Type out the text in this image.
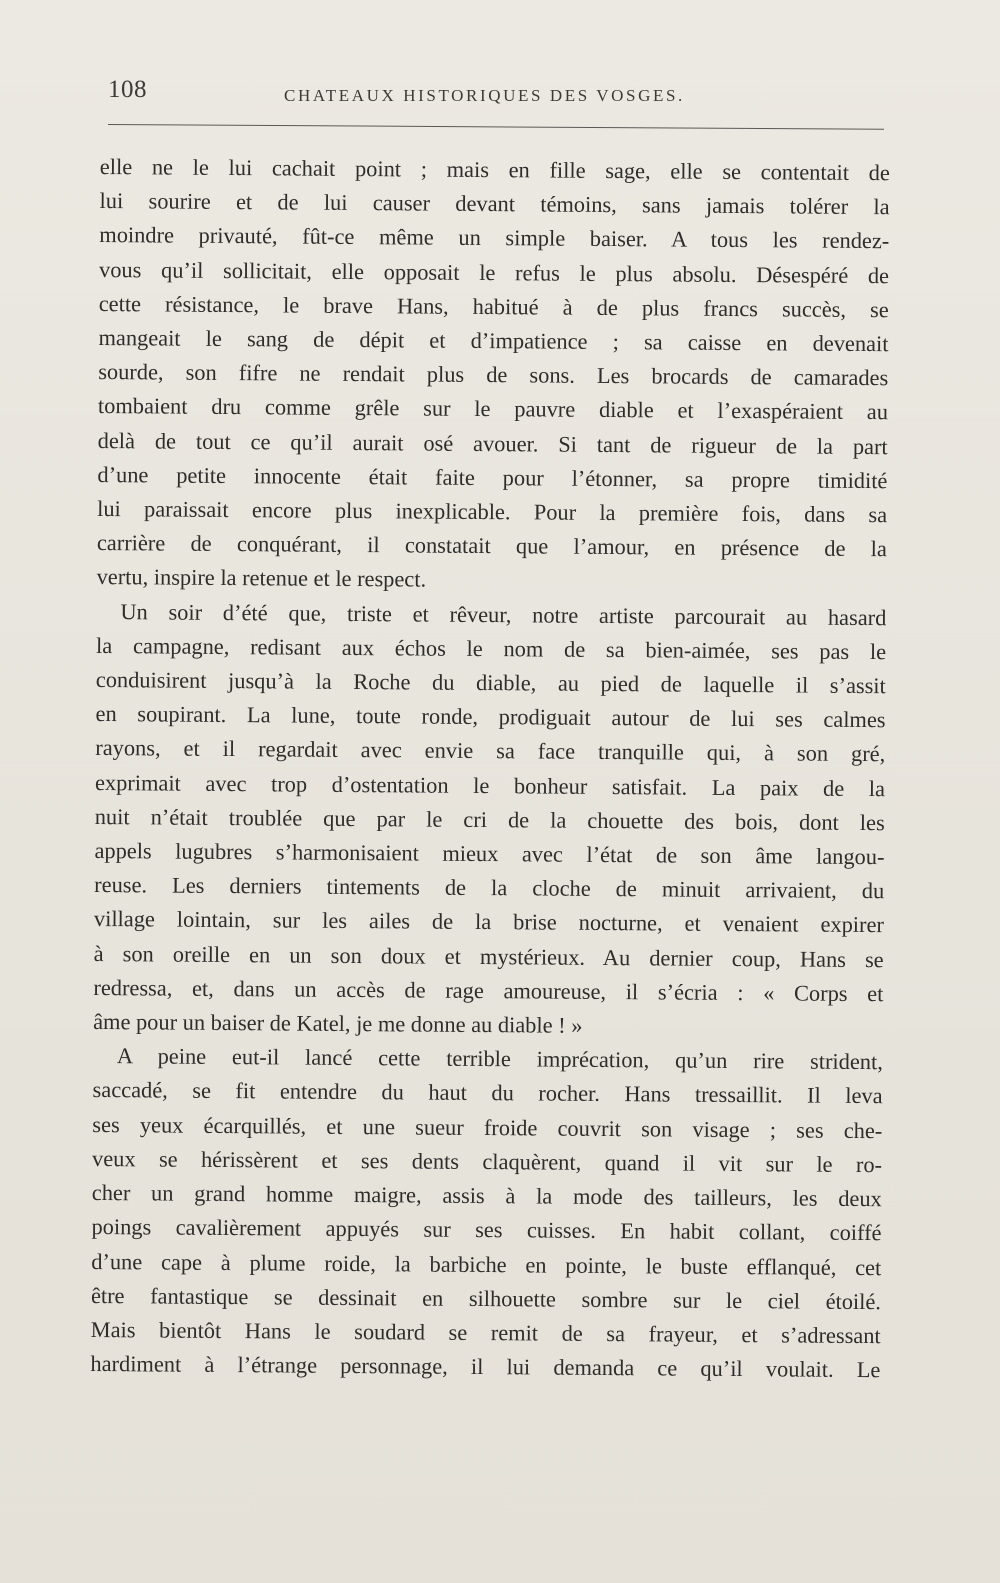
108	CHATEAUX HISTORIQUES DES VOSGES.
elle ne le lui cachait point ; mais en fille sage, elle se contentait de
lui sourire et de lui causer devant témoins, sans jamais tolérer la
moindre privauté, fût-ce même un simple baiser. A tous les rendez-
vous qu’il sollicitait, elle opposait le refus le plus absolu. Désespéré de
cette résistance, le brave Hans, habitué à de plus francs succès, se
mangeait le sang de dépit et d’impatience ; sa caisse en devenait
sourde, son fifre ne rendait plus de sons. Les brocards de camarades
tombaient dru comme grêle sur le pauvre diable et l’exaspéraient au
delà de tout ce qu’il aurait osé avouer. Si tant de rigueur de la part
d’une petite innocente était faite pour l’étonner, sa propre timidité
lui paraissait encore plus inexplicable. Pour la première fois, dans sa
carrière de conquérant, il constatait que l’amour, en présence de la
vertu, inspire la retenue et le respect.
Un soir d’été que, triste et rêveur, notre artiste parcourait au hasard
la campagne, redisant aux échos le nom de sa bien-aimée, ses pas le
conduisirent jusqu’à la Roche du diable, au pied de laquelle il s’assit
en soupirant. La lune, toute ronde, prodiguait autour de lui ses calmes
rayons, et il regardait avec envie sa face tranquille qui, à son gré,
exprimait avec trop d’ostentation le bonheur satisfait. La paix de la
nuit n’était troublée que par le cri de la chouette des bois, dont les
appels lugubres s’harmonisaient mieux avec l’état de son âme langou-
reuse. Les derniers tintements de la cloche de minuit arrivaient, du
village lointain, sur les ailes de la brise nocturne, et venaient expirer
à son oreille en un son doux et mystérieux. Au dernier coup, Hans se
redressa, et, dans un accès de rage amoureuse, il s’écria : « Corps et
âme pour un baiser de Katel, je me donne au diable ! »
A peine eut-il lancé cette terrible imprécation, qu’un rire strident,
saccadé, se fit entendre du haut du rocher. Hans tressaillit. Il leva
ses yeux écarquillés, et une sueur froide couvrit son visage ; ses che-
veux se hérissèrent et ses dents claquèrent, quand il vit sur le ro-
cher un grand homme maigre, assis à la mode des tailleurs, les deux
poings cavalièrement appuyés sur ses cuisses. En habit collant, coiffé
d’une cape à plume roide, la barbiche en pointe, le buste efflanqué, cet
être fantastique se dessinait en silhouette sombre sur le ciel étoilé.
Mais bientôt Hans le soudard se remit de sa frayeur, et s’adressant
hardiment à l’étrange personnage, il lui demanda ce qu’il voulait. Le
